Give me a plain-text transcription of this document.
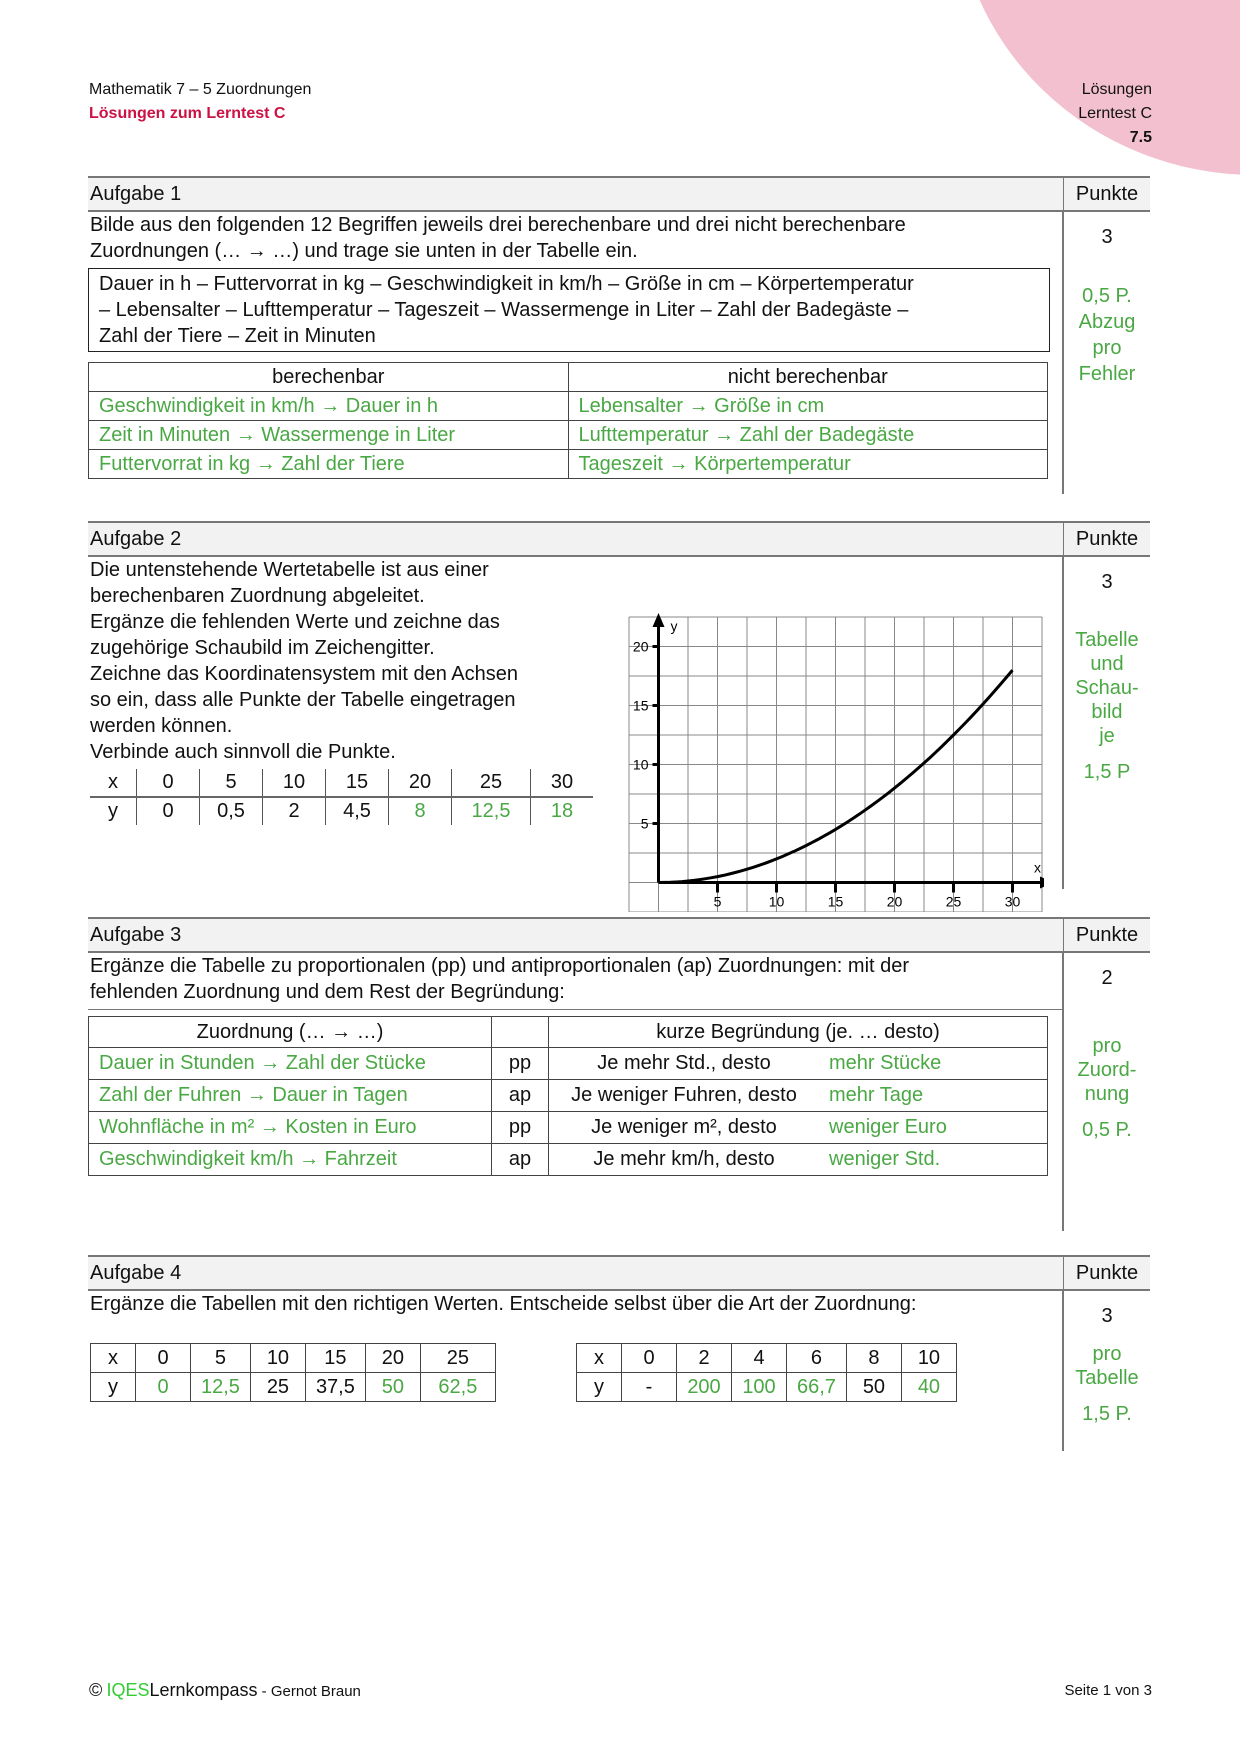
Mathematik 7 – 5 Zuordnungen
Lösungen zum Lerntest C
Lösungen
Lerntest C
7.5
Aufgabe 1	Punkte
Bilde aus den folgenden 12 Begriffen jeweils drei berechenbare und drei nicht berechenbare
Zuordnungen (… → …) und trage sie unten in der Tabelle ein.
Dauer in h – Futtervorrat in kg – Geschwindigkeit in km/h – Größe in cm – Körpertemperatur
– Lebensalter – Lufttemperatur – Tageszeit – Wassermenge in Liter – Zahl der Badegäste –
Zahl der Tiere – Zeit in Minuten
berechenbar	nicht berechenbar
Geschwindigkeit in km/h → Dauer in h	Lebensalter → Größe in cm
Zeit in Minuten → Wassermenge in Liter	Lufttemperatur → Zahl der Badegäste
Futtervorrat in kg → Zahl der Tiere	Tageszeit → Körpertemperatur
3
0,5 P.
Abzug
pro
Fehler
Aufgabe 2	Punkte
Die untenstehende Wertetabelle ist aus einer
berechenbaren Zuordnung abgeleitet.
Ergänze die fehlenden Werte und zeichne das
zugehörige Schaubild im Zeichengitter.
Zeichne das Koordinatensystem mit den Achsen
so ein, dass alle Punkte der Tabelle eingetragen
werden können.
Verbinde auch sinnvoll die Punkte.
x	0	5	10	15	20	25	30
y	0	0,5	2	4,5	8	12,5	18
y
x
5	10	15	20	25	30
5
10
15
20
3
Tabelle
und
Schau-
bild
je
1,5 P
Aufgabe 3	Punkte
Ergänze die Tabelle zu proportionalen (pp) und antiproportionalen (ap) Zuordnungen: mit der
fehlenden Zuordnung und dem Rest der Begründung:
Zuordnung (… → …)		kurze Begründung (je. … desto)	
Dauer in Stunden → Zahl der Stücke	pp	Je mehr Std., desto	mehr Stücke
Zahl der Fuhren → Dauer in Tagen	ap	Je weniger Fuhren, desto	mehr Tage
Wohnfläche in m² → Kosten in Euro	pp	Je weniger m², desto	weniger Euro
Geschwindigkeit km/h → Fahrzeit	ap	Je mehr km/h, desto	weniger Std.
2
pro
Zuord-
nung
0,5 P.
Aufgabe 4	Punkte
Ergänze die Tabellen mit den richtigen Werten. Entscheide selbst über die Art der Zuordnung:
x	0	5	10	15	20	25
y	0	12,5	25	37,5	50	62,5
x	0	2	4	6	8	10
y	-	200	100	66,7	50	40
3
pro
Tabelle
1,5 P.
© IQESLernkompass - Gernot Braun	Seite 1 von 3
